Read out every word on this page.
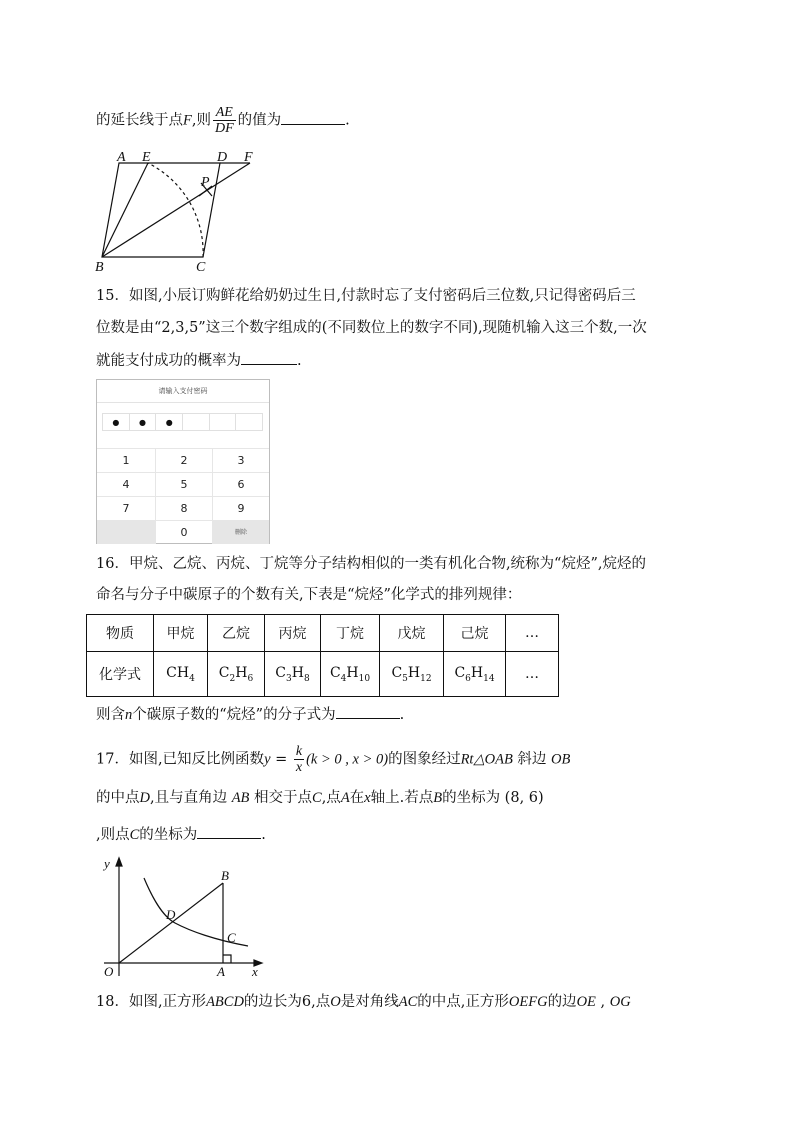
的延长线于点F,则 $\frac{AE}{DF}$ 的值为	.
A E	D F
P
B	C
15．如图,小辰订购鲜花给奶奶过生日,付款时忘了支付密码后三位数,只记得密码后三
位数是由“2,3,5”这三个数字组成的(不同数位上的数字不同),现随机输入这三个数,一次
就能支付成功的概率为	.
请输入支付密码
●	●	●
1	2	3
4	5	6
7	8	9
0	删除
16．甲烷、乙烷、丙烷、丁烷等分子结构相似的一类有机化合物,统称为“烷烃”,烷烃的
命名与分子中碳原子的个数有关,下表是“烷烃”化学式的排列规律：
物质	甲烷	乙烷	丙烷	丁烷	戊烷	己烷	…
化学式	$CH_4$	$C_2H_6$	$C_3H_8$	$C_4H_{10}$	$C_5H_{12}$	$C_6H_{14}$	…
则含n个碳原子数的“烷烃”的分子式为	.
17．如图,已知反比例函数$y = \frac{k}{x} (k > 0$ , x > 0)的图象经过Rt△OAB 斜边 OB
的中点D,且与直角边 AB 相交于点C,点A在x轴上.若点B的坐标为 (8, 6)
,则点C的坐标为	.
y
x
O	A
B
C
D
18．如图,正方形ABCD的边长为6,点O是对角线AC的中点,正方形OEFG的边OE , OG
